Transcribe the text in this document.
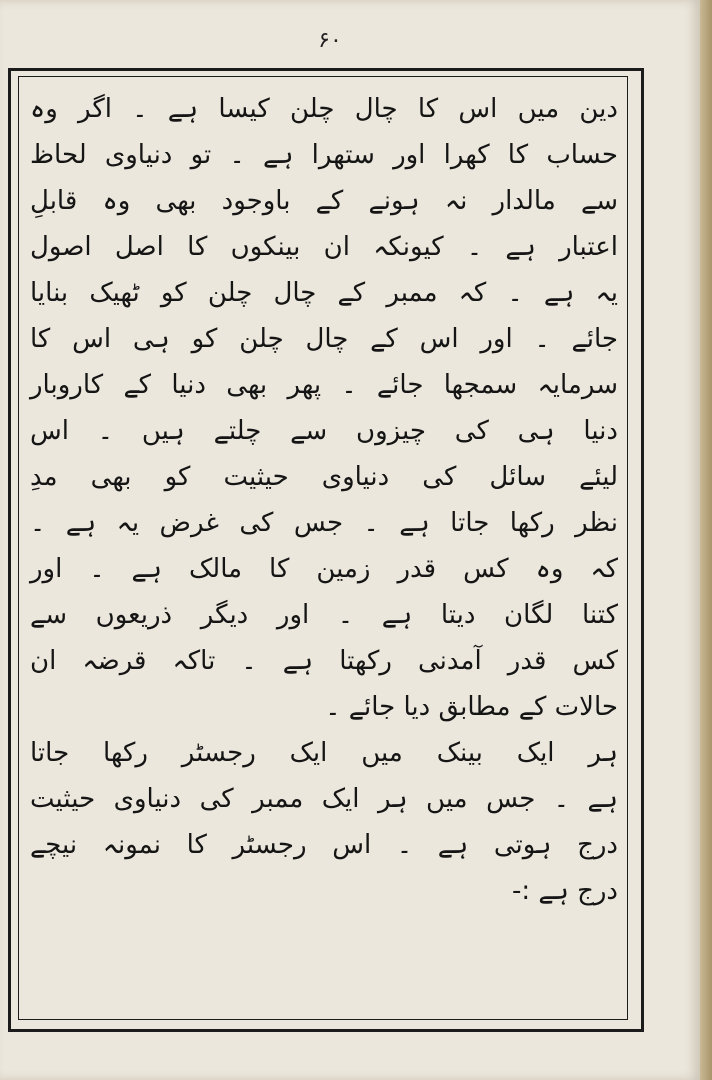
۶۰
دین میں اس کا چال چلن کیسا ہے ۔ اگر وہ
حساب کا کھرا اور ستھرا ہے ۔ تو دنیاوی لحاظ
سے مالدار نہ ہونے کے باوجود بھی وہ قابلِ
اعتبار ہے ۔ کیونکہ ان بینکوں کا اصل اصول
یہ ہے ۔ کہ ممبر کے چال چلن کو ٹھیک بنایا
جائے ۔ اور اس کے چال چلن کو ہی اس کا
سرمایہ سمجھا جائے ۔ پھر بھی دنیا کے کاروبار
دنیا ہی کی چیزوں سے چلتے ہیں ۔ اس
لیئے سائل کی دنیاوی حیثیت کو بھی مدِ
نظر رکھا جاتا ہے ۔ جس کی غرض یہ ہے ۔
کہ وہ کس قدر زمین کا مالک ہے ۔ اور
کتنا لگان دیتا ہے ۔ اور دیگر ذریعوں سے
کس قدر آمدنی رکھتا ہے ۔ تاکہ قرضہ ان
حالات کے مطابق دیا جائے ۔
ہر ایک بینک میں ایک رجسٹر رکھا جاتا
ہے ۔ جس میں ہر ایک ممبر کی دنیاوی حیثیت
درج ہوتی ہے ۔ اس رجسٹر کا نمونہ نیچے
درج ہے :-
